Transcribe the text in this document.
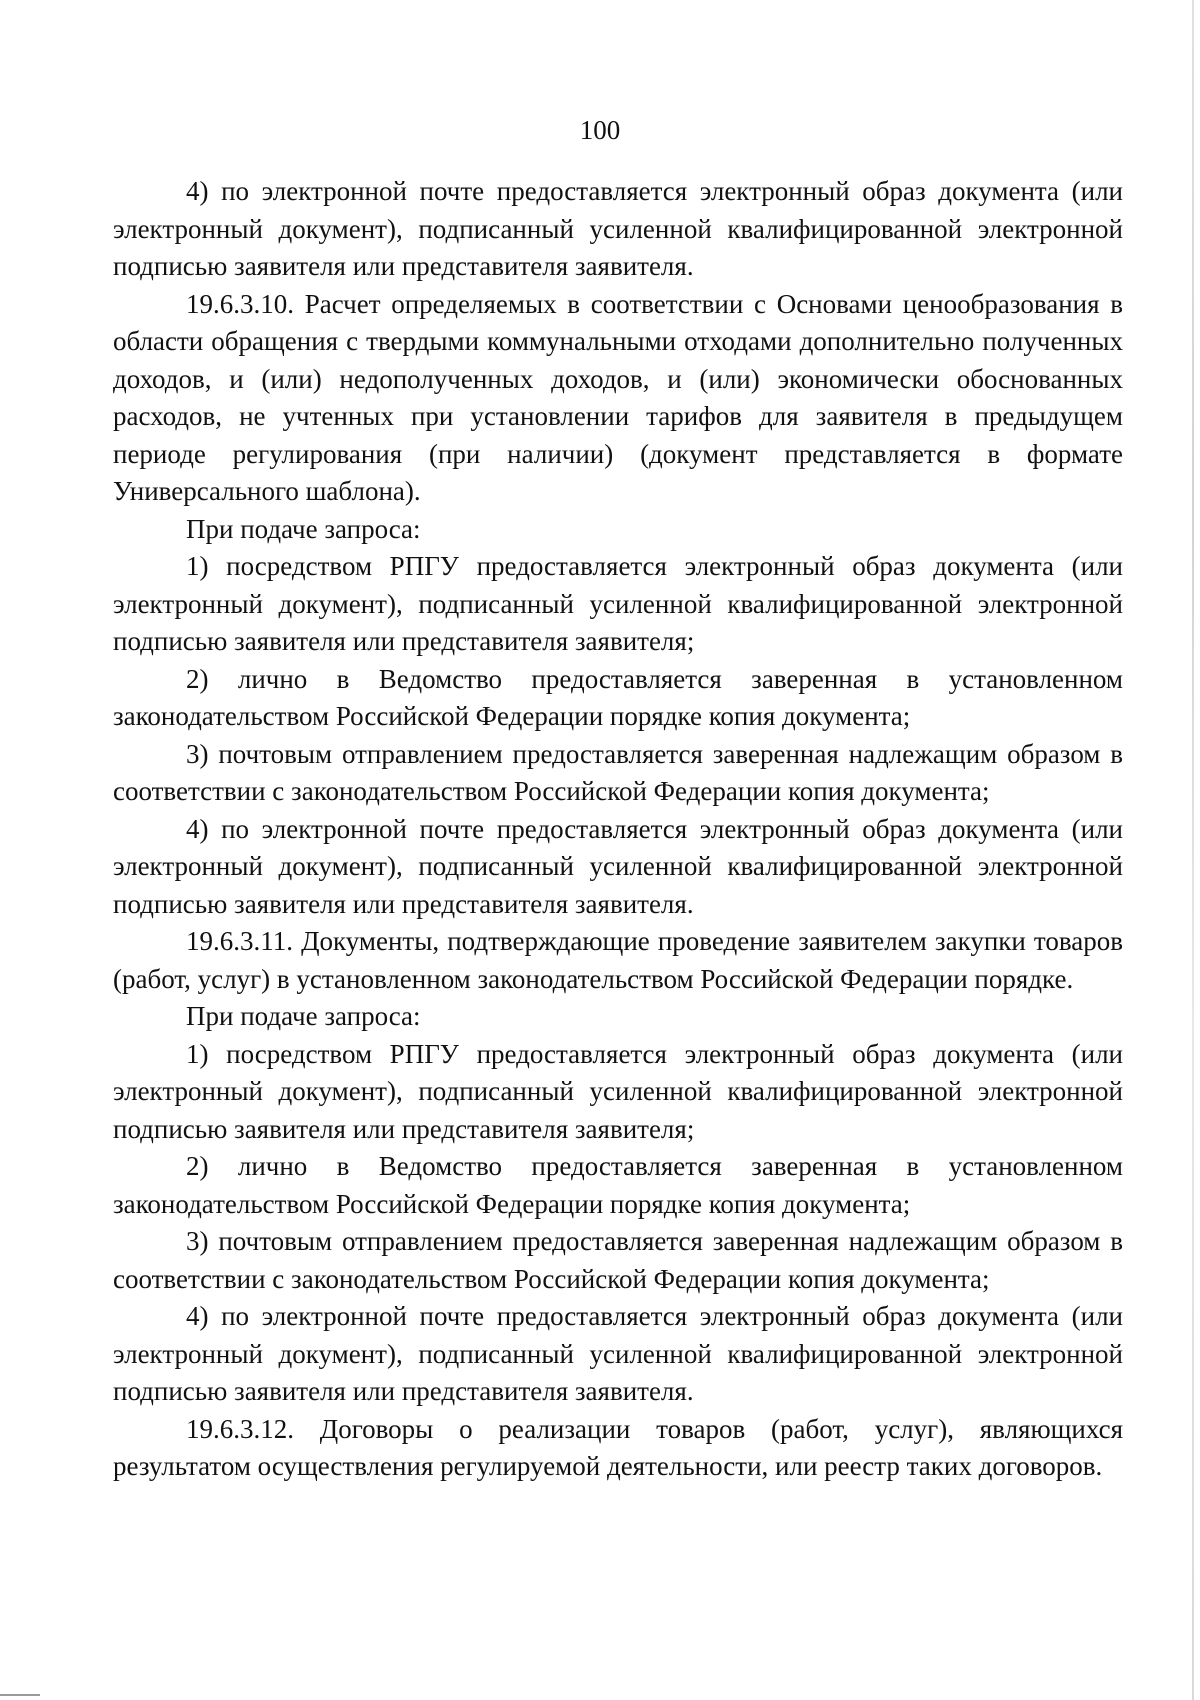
100

4) по электронной почте предоставляется электронный образ документа (или электронный документ), подписанный усиленной квалифицированной электронной подписью заявителя или представителя заявителя.

19.6.3.10. Расчет определяемых в соответствии с Основами ценообразования в области обращения с твердыми коммунальными отходами дополнительно полученных доходов, и (или) недополученных доходов, и (или) экономически обоснованных расходов, не учтенных при установлении тарифов для заявителя в предыдущем периоде регулирования (при наличии) (документ представляется в формате Универсального шаблона).

При подаче запроса:

1) посредством РПГУ предоставляется электронный образ документа (или электронный документ), подписанный усиленной квалифицированной электронной подписью заявителя или представителя заявителя;

2) лично в Ведомство предоставляется заверенная в установленном законодательством Российской Федерации порядке копия документа;

3) почтовым отправлением предоставляется заверенная надлежащим образом в соответствии с законодательством Российской Федерации копия документа;

4) по электронной почте предоставляется электронный образ документа (или электронный документ), подписанный усиленной квалифицированной электронной подписью заявителя или представителя заявителя.

19.6.3.11. Документы, подтверждающие проведение заявителем закупки товаров (работ, услуг) в установленном законодательством Российской Федерации порядке.

При подаче запроса:

1) посредством РПГУ предоставляется электронный образ документа (или электронный документ), подписанный усиленной квалифицированной электронной подписью заявителя или представителя заявителя;

2) лично в Ведомство предоставляется заверенная в установленном законодательством Российской Федерации порядке копия документа;

3) почтовым отправлением предоставляется заверенная надлежащим образом в соответствии с законодательством Российской Федерации копия документа;

4) по электронной почте предоставляется электронный образ документа (или электронный документ), подписанный усиленной квалифицированной электронной подписью заявителя или представителя заявителя.

19.6.3.12. Договоры о реализации товаров (работ, услуг), являющихся результатом осуществления регулируемой деятельности, или реестр таких договоров.
